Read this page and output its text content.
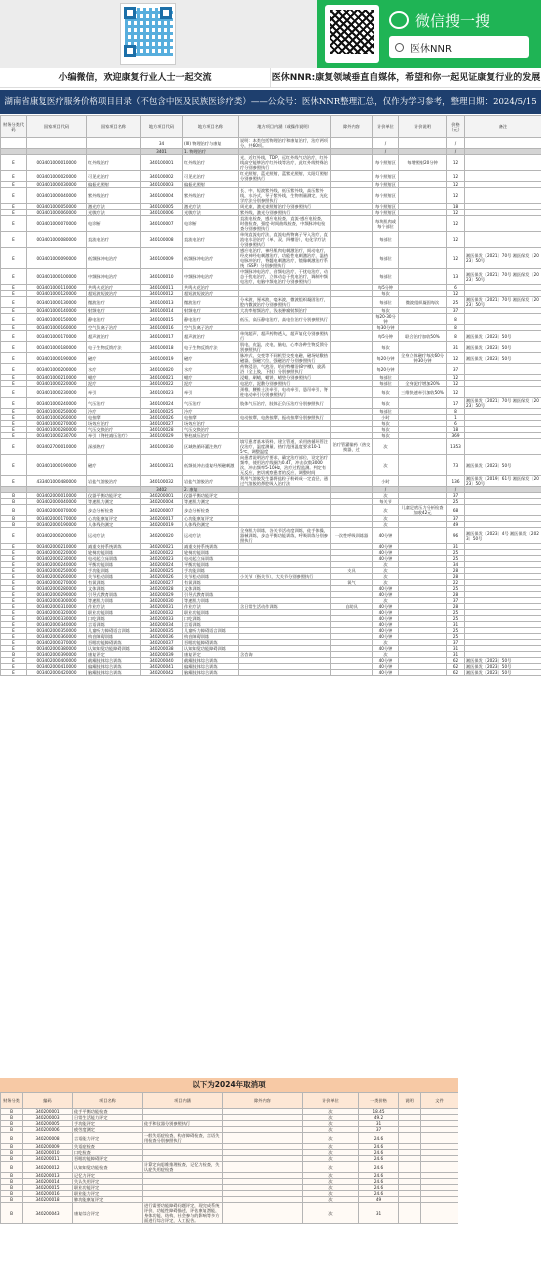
微信搜一搜
医休NNR
小编微信，欢迎康复行业人士一起交流	医休NNR:康复领域垂直自媒体，希望和你一起见证康复行业的发展
湖南省康复医疗服务价格项目目录（不包含中医及民族医诊疗类）——公众号：医休NNR整理汇总，仅作为学习参考，整理日期：2024/5/15
财务分类代码	国家项目代码	国家项目名称	地方项目代码	地方项目名称	地方项目内涵（或操作说明）	除外内容	计价单位	计价说明	价格（元）	备注
			34	(III) 物理治疗与康复	说明：本类包括物理治疗和康复治疗，治疗两项分，共60项。		/		/	
			3401	1. 物理治疗			/		/	
E	003401000010000	红外线治疗	340100001	红外线治疗	光，近红外线，TDP，远红外线气功治疗，红外线高空能够治疗红外线等治疗，此红外线特殊治疗分别参照执行		每个照射区	每增照射20分钟	12	
E	003401000020000	可见光治疗	340100002	可见光治疗	红光照射，蓝光照射，蓝紫光照射，太阳灯照射分别参照执行		每个照射区		12	
E	003401000030000	偏振光照射	340100003	偏振光照射			每个照射区		12	
E	003401000040000	紫外线治疗	340100004	紫外线治疗	长、中、短波紫外线，低压紫外线，高压紫外线，水冷式，导子紫外线，生物剂量测定，光化学疗法分别参照执行		每个照射区		12	
E	003401000050000	激光疗法	340100005	激光疗法	周光束，激光束照射治疗分别参照执行		每个照射区		18	
E	003401000060000	光敏疗法	340100006	光敏疗法	紫外线，激光分别参照执行		每个照射区		12	
E	003401000070000	电诊断	340100007	电诊断	直流电检查，感应电检查，直流-感应电检查，时值检查，强度-时间曲线检查，中频脉冲电检查分别参照执行		每块肌肉或每个部位		12	
E	003401000080000	直流电治疗	340100008	直流电治疗	单纯直流电疗法，直流电药物离子导入治疗，直流电水浴治疗（单、双、四槽浴），电化学疗法分别参照执行		每部位		12	
E	003401000090000	低频脉冲电治疗	340100009	低频脉冲电治疗	感应电治疗，神经肌肉电刺激治疗，间动电疗，经皮神经电刺激治疗，功能性电刺激治疗，温热电脉冲治疗，脊髓电刺激治疗，镜像刺激治疗系统（SSP）分别参照执行		每部位		12	湘医保发〔2021〕70号 湘医保发〔2023〕50号
E	003401000100000	中频脉冲电治疗	340100010	中频脉冲电治疗	中频脉冲电治疗，音频电治疗，干扰电治疗，动态干扰电治疗，立体动态干扰电治疗，调制中频电治疗，电脑中频电治疗分别参照执行		每部位		13	湘医保发〔2021〕70号 湘医保发〔2023〕50号
E	003401000110000	共鸣火花治疗	340100011	共鸣火花治疗			每5分钟		6	
E	003401000120000	超短波短波治疗	340100012	超短波短波治疗			每次		12	
E	003401000130000	微波治疗	340100013	微波治疗	分米波，厘米波，毫米波，微波组织凝固治疗，腔内微波治疗分别参照执行		每部位	微波组织凝固每次	25	湘医保发〔2021〕70号 湘医保发〔2023〕50号
E	003401000140000	射频电疗	340100014	射频电疗	大功率射频治疗，浅表肿瘤射频治疗		每次		37	
E	003401000150000	静电治疗	340100015	静电治疗	低压，高压静电治疗，高电位治疗分别参照执行		每20-30分钟		8	
E	003401000160000	空气负离子治疗	340100016	空气负离子治疗			每30分钟		8	
E	003401000170000	超声波治疗	340100017	超声波治疗	单纯超声，超声药物透入，超声复化分别参照执行		每5分钟	联合治疗加收50%	8	湘医保发〔2023〕50号
E	003401000180000	电子生物反馈疗法	340100018	电子生物反馈疗法	肌电，皮温，皮电，脑电，心率各种生物反馈分别参照执行		每次		31	湘医保发〔2023〕50号
E	003401000190000	磁疗	340100019	磁疗	脉冲式，交变等不同机型交变电磁，磁场贴敷热磁器，强磁穴位，强磁治疗分别参照执行		每20分钟	全身立体磁疗每次60分钟30分钟	12	湘医保发〔2023〕50号
E	003401000200000	水疗	340100020	水疗	药物浸浴，气泡浴，哈伯特槽浴(8字槽)，旋涡浴（全上肢，下肢）分别参照执行		每20分钟		37	
E	003401000210000	蜡疗	340100021	蜡疗	浸蜡，刷蜡，蜡饼，蜡垫分别参照执行		每部位		12	
E	003401000220000	泥疗	340100022	泥疗	电泥疗，泥敷分别参照执行		每部位	全身泥疗增加20%	12	
E	003401000230000	牵引	340100023	牵引	颈椎，腰椎土法牵引，电动牵引，悬吊牵引，脊柱电动牵引分别参照执行		每次	三维快速牵引加收50%	12	
E	003401000240000	气压治疗	340100024	气压治疗	肢体气压治疗，肢体正负压治疗分别参照执行		每次		17	湘医保发〔2021〕70号 湘医保发〔2023〕50号
E	003401000250000	冷疗	340100025	冷疗			每部位		8	
E	003401000260000	电按摩	340100026	电按摩	电动按摩，电热按摩，振动按摩分别参照执行		小时		1	
E	003401000270000	场效应治疗	340100027	场效应治疗			每次		6	
E	003401000280000	气压交换治疗	340100028	气压交换治疗			每次		18	
E	003401000230700	牵引（脊柱减压治疗）	340100029	脊柱减压治疗			每次		369	
E	003402700010000	深部热疗	340100030	区域热循环灌注热疗	填写患者基本资料，建立管道，采用热循环管注仪治疗，温度测量，热疗范围温度要求10-15℃，调整温度	治疗管灌输药（热交换器，过	次		1353	
E	003401000190000	磁疗	340100031	低频低冲击重复经颅磁刺激	向患者说明治疗要求，确定治疗部位，设定治疗频率，使用治疗线圈为0.4T，冲击次数3000次，冲击频率5-10Hz，治疗过程监测。判定有无反应，密切观察患者的反应，调整时间		次		73	湘医保发〔2023〕50号
E	433401000480000	岩盐气溶胶治疗	340100032	岩盐气溶胶治疗	利用气溶胶发生器将盐粒子粉碎成一定直径，通过气溶胶的鼻腔吸入治疗法		小时		136	湘医保发〔2019〕61号 湘医保发〔2023〕50号
			3402	2. 康复			/		/	
B	003402000010000	仪器平衡功能评定	340200001	仪器平衡功能评定			次		37	
B	003402000040000	等速肌力测定	340200004	等速肌力测定			每关节		25	
B	003402000070000	步态分析检查	340200007	步态分析检查			次	儿童足底压力分析检查加收42元	68	
B	003402000170000	心功能康复评定	340200017	心功能康复评定			次		37	
B	003402000190000	人体残伤测定	340200019	人体残伤测定			次		49	
E	003402000200000	运动疗法	340200020	运动疗法	全身肌力训练，各关节活动度训练，徒手体操，器械训练，步态平衡功能训练，呼吸训练分别参照执行	一次性呼吸训练器	40分钟		96	湘医保发〔2023〕4号 湘医保发〔2023〕50号
E	003402000210000	减重支持系统训练	340200021	减重支持系统训练			40分钟		31	
E	003402000220000	轮椅功能训练	340200022	轮椅功能训练			40分钟		25	
E	003402000230000	电动起立床训练	340200023	电动起立床训练			40分钟		25	
E	003402000240000	平衡功能训练	340200024	平衡功能训练			次		34	
E	003402000250000	手功能训练	340200025	手功能训练		支具	次		28	
E	003402000260000	关节松动训练	340200026	关节松动训练	小关节（指关节），大关节分别参照执行		次		28	
E	003402000270000	有氧训练	340200027	有氧训练		氧气	次		22	
E	003402000280000	文体训练	340200028	文体训练			40分钟		25	
E	003402000290000	引导式教育训练	340200029	引导式教育训练			40分钟		28	
E	003402000300000	等速肌力训练	340200030	等速肌力训练			次		37	
E	003402000310000	作业疗法	340200031	作业疗法	含日常生活动作训练	自助具	40分钟		28	
E	003402000320000	职业功能训练	340200032	职业功能训练			40分钟		25	
E	003402000330000	口吃训练	340200033	口吃训练			40分钟		25	
E	003402000340000	言语训练	340200034	言语训练			40分钟		31	
E	003402000350000	儿童听力障碍语言训练	340200035	儿童听力障碍语言训练			40分钟		25	
E	003402000360000	构音障碍训练	340200036	构音障碍训练			40分钟		25	
E	003402000370000	吞咽功能障碍训练	340200037	吞咽功能障碍训练			次		37	
E	003402000380000	认知知觉功能障碍训练	340200038	认知知觉功能障碍训练			40分钟		31	
B	003402000390000	康复评定	340200039	康复评定	含咨询		次		31	
E	003402000400000	截瘫肢体综合训练	340200040	截瘫肢体综合训练			40分钟		62	湘医保发〔2023〕50号
E	003402000410000	偏瘫肢体综合训练	340200041	偏瘫肢体综合训练			40分钟		62	湘医保发〔2023〕50号
E	003402000420000	脑瘫肢体综合训练	340200042	脑瘫肢体综合训练			40分钟		62	湘医保发〔2023〕50号
以下为2024年取消项
财务分类	编码	项目名称	项目内涵	除外内容	计价单位	一类价格	说明	文件
B	340200001	徒手平衡功能检查			次	18.45		
B	340200003	日常生活能力评定			次	49.2		
B	340200005	手功能评定	徒手和仪器分别参照执行		次	31		
B	340200006	疲劳度测定			次	37		
B	340200008	言语能力评定	一般失语症检查，构音障碍检查，言语失用检查分别参照执行		次	24.6		
B	340200009	失语症检查			次	24.6		
B	340200010	口吃检查			次	24.6		
B	340200011	吞咽功能障碍评定			次	24.6		
B	340200012	认知知觉功能检查	计算定向思维推理检查，记忆力检查，失认症失用症检查		次	24.6		
B	340200013	记忆力评定			次	24.6		
B	340200014	失认失用评定			次	24.6		
B	340200015	职业功能评定			次	24.6		
B	340200016	职业能力评定			次	24.6		
B	340200018	肺功能康复评定			次	49		
B	340200043	康复综合评定	进行需要功能障碍问题评定，现完成系统评价，功能性障碍描述，评估康复潜能，身体功能、结构，社会参与的影响等多方面进行综合评定，人工报告。		次	31		
